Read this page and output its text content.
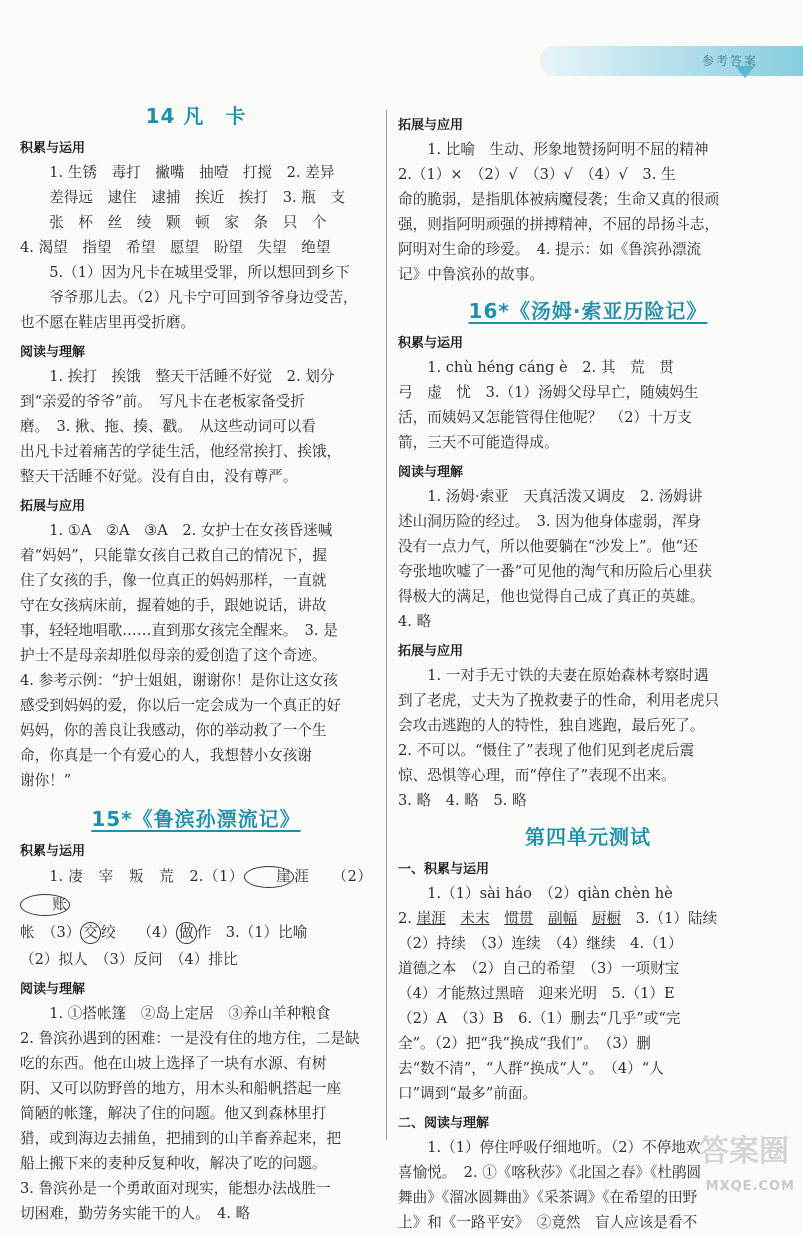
参考答案
14 凡　卡
积累与运用

1. 生锈　毒打　撇嘴　抽噎　打搅　2. 差异

差得远　逮住　逮捕　挨近　挨打　3. 瓶　支

张　杯　丝　绫　颗　顿　家　条　只　个

4. 渴望　指望　希望　愿望　盼望　失望　绝望

5.（1）因为凡卡在城里受罪，所以想回到乡下

爷爷那儿去。（2）凡卡宁可回到爷爷身边受苦，

也不愿在鞋店里再受折磨。

阅读与理解

1. 挨打　挨饿　整天干活睡不好觉　2. 划分

到“亲爱的爷爷”前。　写凡卡在老板家备受折

磨。　3. 揪、拖、揍、戳。　从这些动词可以看

出凡卡过着痛苦的学徒生活，他经常挨打、挨饿，

整天干活睡不好觉。没有自由，没有尊严。

拓展与应用

1. ①A　②A　③A　2. 女护士在女孩昏迷喊

着“妈妈”，只能靠女孩自己救自己的情况下，握

住了女孩的手，像一位真正的妈妈那样，一直就

守在女孩病床前，握着她的手，跟她说话，讲故

事，轻轻地唱歌……直到那女孩完全醒来。　3. 是

护士不是母亲却胜似母亲的爱创造了这个奇迹。

4. 参考示例：“护士姐姐，谢谢你！是你让这女孩

感受到妈妈的爱，你以后一定会成为一个真正的好

妈妈，你的善良让我感动，你的举动救了一个生

命，你真是一个有爱心的人，我想替小女孩谢

谢你！”

15*《鲁滨孙漂流记》
积累与运用

1. 凄　宰　叛　荒　2.（1） 崖 涯　　（2）账

帐　（3） 交 绞　　（4） 做 作　3.（1）比喻

（2）拟人　（3）反问　（4）排比

阅读与理解

1. ①搭帐篷　②岛上定居　③养山羊种粮食

2. 鲁滨孙遇到的困难：一是没有住的地方住，二是缺

吃的东西。他在山坡上选择了一块有水源、有树

阴、又可以防野兽的地方，用木头和船帆搭起一座

简陋的帐篷，解决了住的问题。他又到森林里打

猎，或到海边去捕鱼，把捕到的山羊畜养起来，把

船上搬下来的麦种反复种收，解决了吃的问题。

3. 鲁滨孙是一个勇敢面对现实，能想办法战胜一

切困难，勤劳务实能干的人。　4. 略

拓展与应用

1. 比喻　生动、形象地赞扬阿明不屈的精神

2.（1）×　（2）√　（3）√　（4）√　3. 生

命的脆弱，是指肌体被病魔侵袭；生命又真的很顽

强，则指阿明顽强的拼搏精神，不屈的昂扬斗志，

阿明对生命的珍爱。　4. 提示：如《鲁滨孙漂流

记》中鲁滨孙的故事。

16*《汤姆·索亚历险记》
积累与运用

1. chù héng cáng è　2. 其　荒　贯

弓　虚　忧　3.（1）汤姆父母早亡，随姨妈生

活，而姨妈又怎能管得住他呢？　（2）十万支

箭，三天不可能造得成。

阅读与理解

1. 汤姆·索亚　天真活泼又调皮　2. 汤姆讲

述山洞历险的经过。　3. 因为他身体虚弱，浑身

没有一点力气，所以他要躺在“沙发上”。他“还

夸张地吹嘘了一番”可见他的淘气和历险后心里获

得极大的满足，他也觉得自己成了真正的英雄。

4. 略

拓展与应用

1. 一对手无寸铁的夫妻在原始森林考察时遇

到了老虎，丈夫为了挽救妻子的性命，利用老虎只

会攻击逃跑的人的特性，独自逃跑，最后死了。

2. 不可以。“慑住了”表现了他们见到老虎后震

惊、恐惧等心理，而“停住了”表现不出来。

3. 略　4. 略　5. 略

第四单元测试
一、积累与运用

1.（1）sài háo　（2）qiàn chèn hè

2. 崖涯　 未末　 惯贯　 副幅　 厨橱　3.（1）陆续

（2）持续　（3）连续　（4）继续　4.（1）

道德之本　（2）自己的希望　（3）一项财宝

（4）才能熬过黑暗　迎来光明　5.（1）E

（2）A　（3）B　6.（1）删去“几乎”或“完

全”。（2）把“我”换成“我们”。　（3）删

去“数不清”，“人群”换成“人”。　（4）“人

口”调到“最多”前面。

二、阅读与理解

1.（1）停住呼吸仔细地听。（2）不停地欢

喜愉悦。　2. ①《喀秋莎》《北国之春》《杜鹃圆

舞曲》《溜冰圆舞曲》《采茶调》《在希望的田野

上》和《一路平安》　②竟然　盲人应该是看不

答案圈
MXQE.COM
